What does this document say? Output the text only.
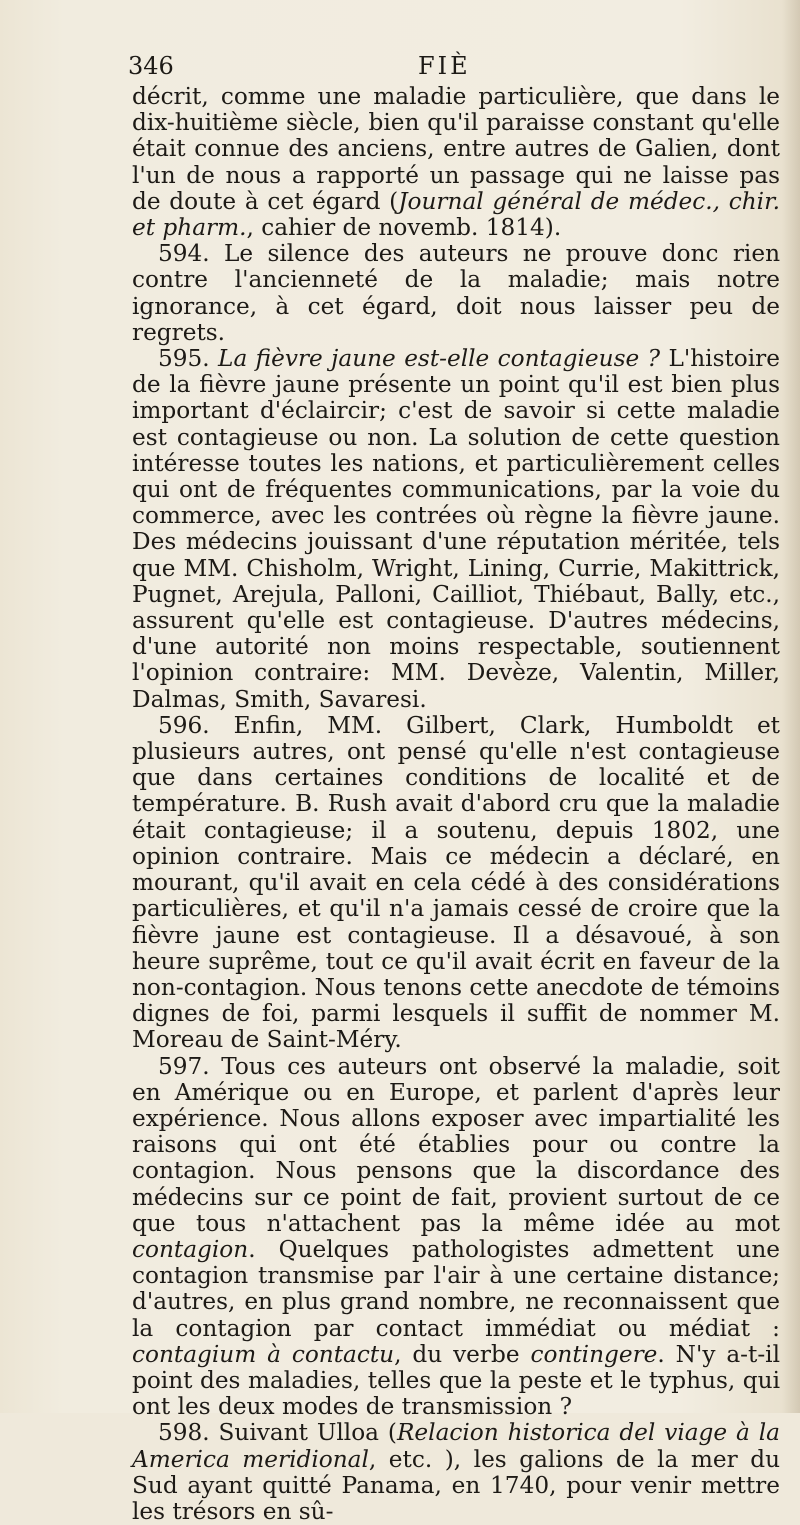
346	FIÈ

décrit, comme une maladie particulière, que dans le dix-huitième siècle, bien qu'il paraisse constant qu'elle était connue des anciens, entre autres de Galien, dont l'un de nous a rapporté un passage qui ne laisse pas de doute à cet égard (Journal général de médec., chir. et pharm., cahier de novemb. 1814).

594. Le silence des auteurs ne prouve donc rien contre l'ancienneté de la maladie; mais notre ignorance, à cet égard, doit nous laisser peu de regrets.

595. La fièvre jaune est-elle contagieuse ? L'histoire de la fièvre jaune présente un point qu'il est bien plus important d'éclaircir; c'est de savoir si cette maladie est contagieuse ou non. La solution de cette question intéresse toutes les nations, et particulièrement celles qui ont de fréquentes communications, par la voie du commerce, avec les contrées où règne la fièvre jaune. Des médecins jouissant d'une réputation méritée, tels que MM. Chisholm, Wright, Lining, Currie, Makittrick, Pugnet, Arejula, Palloni, Cailliot, Thiébaut, Bally, etc., assurent qu'elle est contagieuse. D'autres médecins, d'une autorité non moins respectable, soutiennent l'opinion contraire: MM. Devèze, Valentin, Miller, Dalmas, Smith, Savaresi.

596. Enfin, MM. Gilbert, Clark, Humboldt et plusieurs autres, ont pensé qu'elle n'est contagieuse que dans certaines conditions de localité et de température. B. Rush avait d'abord cru que la maladie était contagieuse; il a soutenu, depuis 1802, une opinion contraire. Mais ce médecin a déclaré, en mourant, qu'il avait en cela cédé à des considérations particulières, et qu'il n'a jamais cessé de croire que la fièvre jaune est contagieuse. Il a désavoué, à son heure suprême, tout ce qu'il avait écrit en faveur de la non-contagion. Nous tenons cette anecdote de témoins dignes de foi, parmi lesquels il suffit de nommer M. Moreau de Saint-Méry.

597. Tous ces auteurs ont observé la maladie, soit en Amérique ou en Europe, et parlent d'après leur expérience. Nous allons exposer avec impartialité les raisons qui ont été établies pour ou contre la contagion. Nous pensons que la discordance des médecins sur ce point de fait, provient surtout de ce que tous n'attachent pas la même idée au mot contagion. Quelques pathologistes admettent une contagion transmise par l'air à une certaine distance; d'autres, en plus grand nombre, ne reconnaissent que la contagion par contact immédiat ou médiat : contagium à contactu, du verbe contingere. N'y a-t-il point des maladies, telles que la peste et le typhus, qui ont les deux modes de transmission ?

598. Suivant Ulloa (Relacion historica del viage à la America meridional, etc. ), les galions de la mer du Sud ayant quitté Panama, en 1740, pour venir mettre les trésors en sû-
